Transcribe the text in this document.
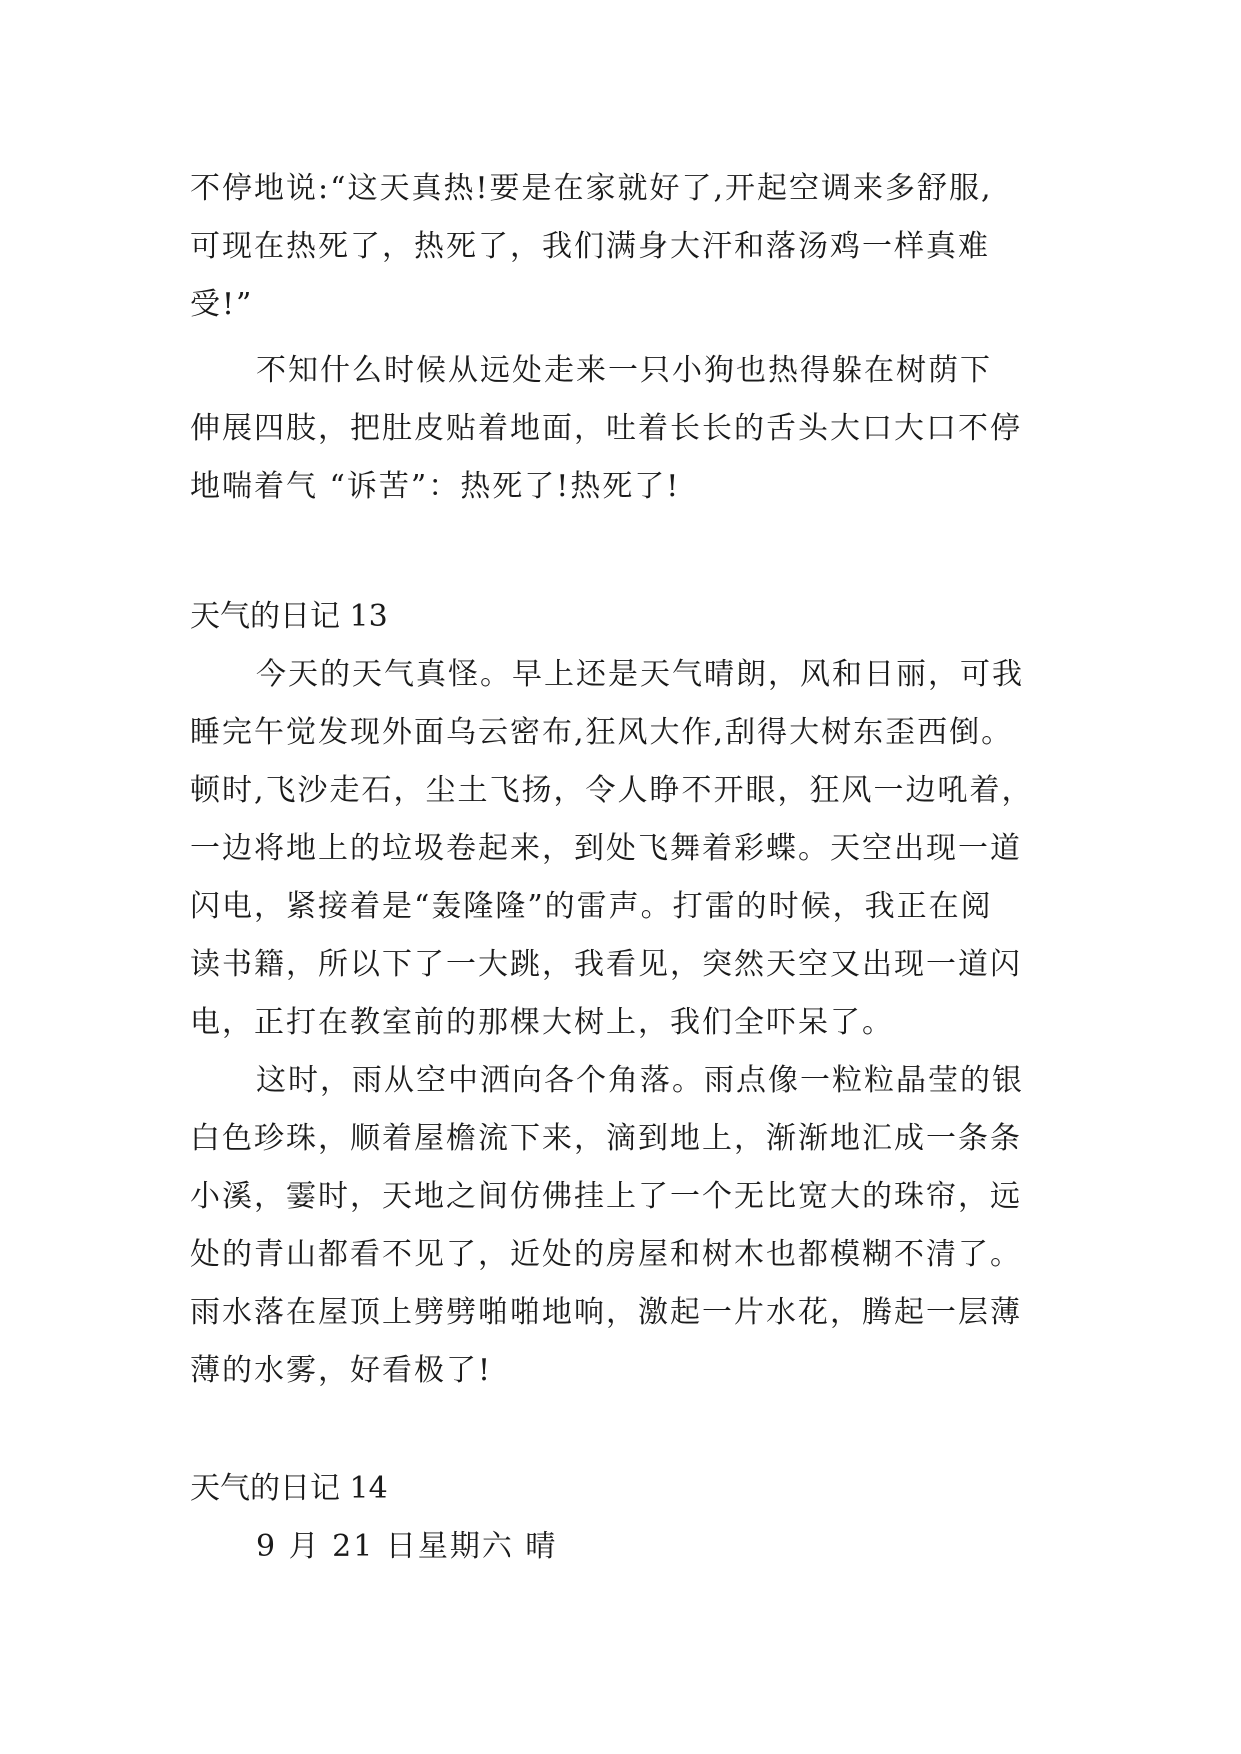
不停地说:“这天真热!要是在家就好了,开起空调来多舒服,
可现在热死了，热死了，我们满身大汗和落汤鸡一样真难
受!”
不知什么时候从远处走来一只小狗也热得躲在树荫下
伸展四肢，把肚皮贴着地面，吐着长长的舌头大口大口不停
地喘着气 “诉苦”：热死了!热死了!
天气的日记 13
今天的天气真怪。早上还是天气晴朗，风和日丽，可我
睡完午觉发现外面乌云密布,狂风大作,刮得大树东歪西倒。
顿时,飞沙走石，尘土飞扬，令人睁不开眼，狂风一边吼着，
一边将地上的垃圾卷起来，到处飞舞着彩蝶。天空出现一道
闪电，紧接着是“轰隆隆”的雷声。打雷的时候，我正在阅
读书籍，所以下了一大跳，我看见，突然天空又出现一道闪
电，正打在教室前的那棵大树上，我们全吓呆了。
这时，雨从空中洒向各个角落。雨点像一粒粒晶莹的银
白色珍珠，顺着屋檐流下来，滴到地上，渐渐地汇成一条条
小溪，霎时，天地之间仿佛挂上了一个无比宽大的珠帘，远
处的青山都看不见了，近处的房屋和树木也都模糊不清了。
雨水落在屋顶上劈劈啪啪地响，激起一片水花，腾起一层薄
薄的水雾，好看极了!
天气的日记 14
9 月 21 日星期六 晴
